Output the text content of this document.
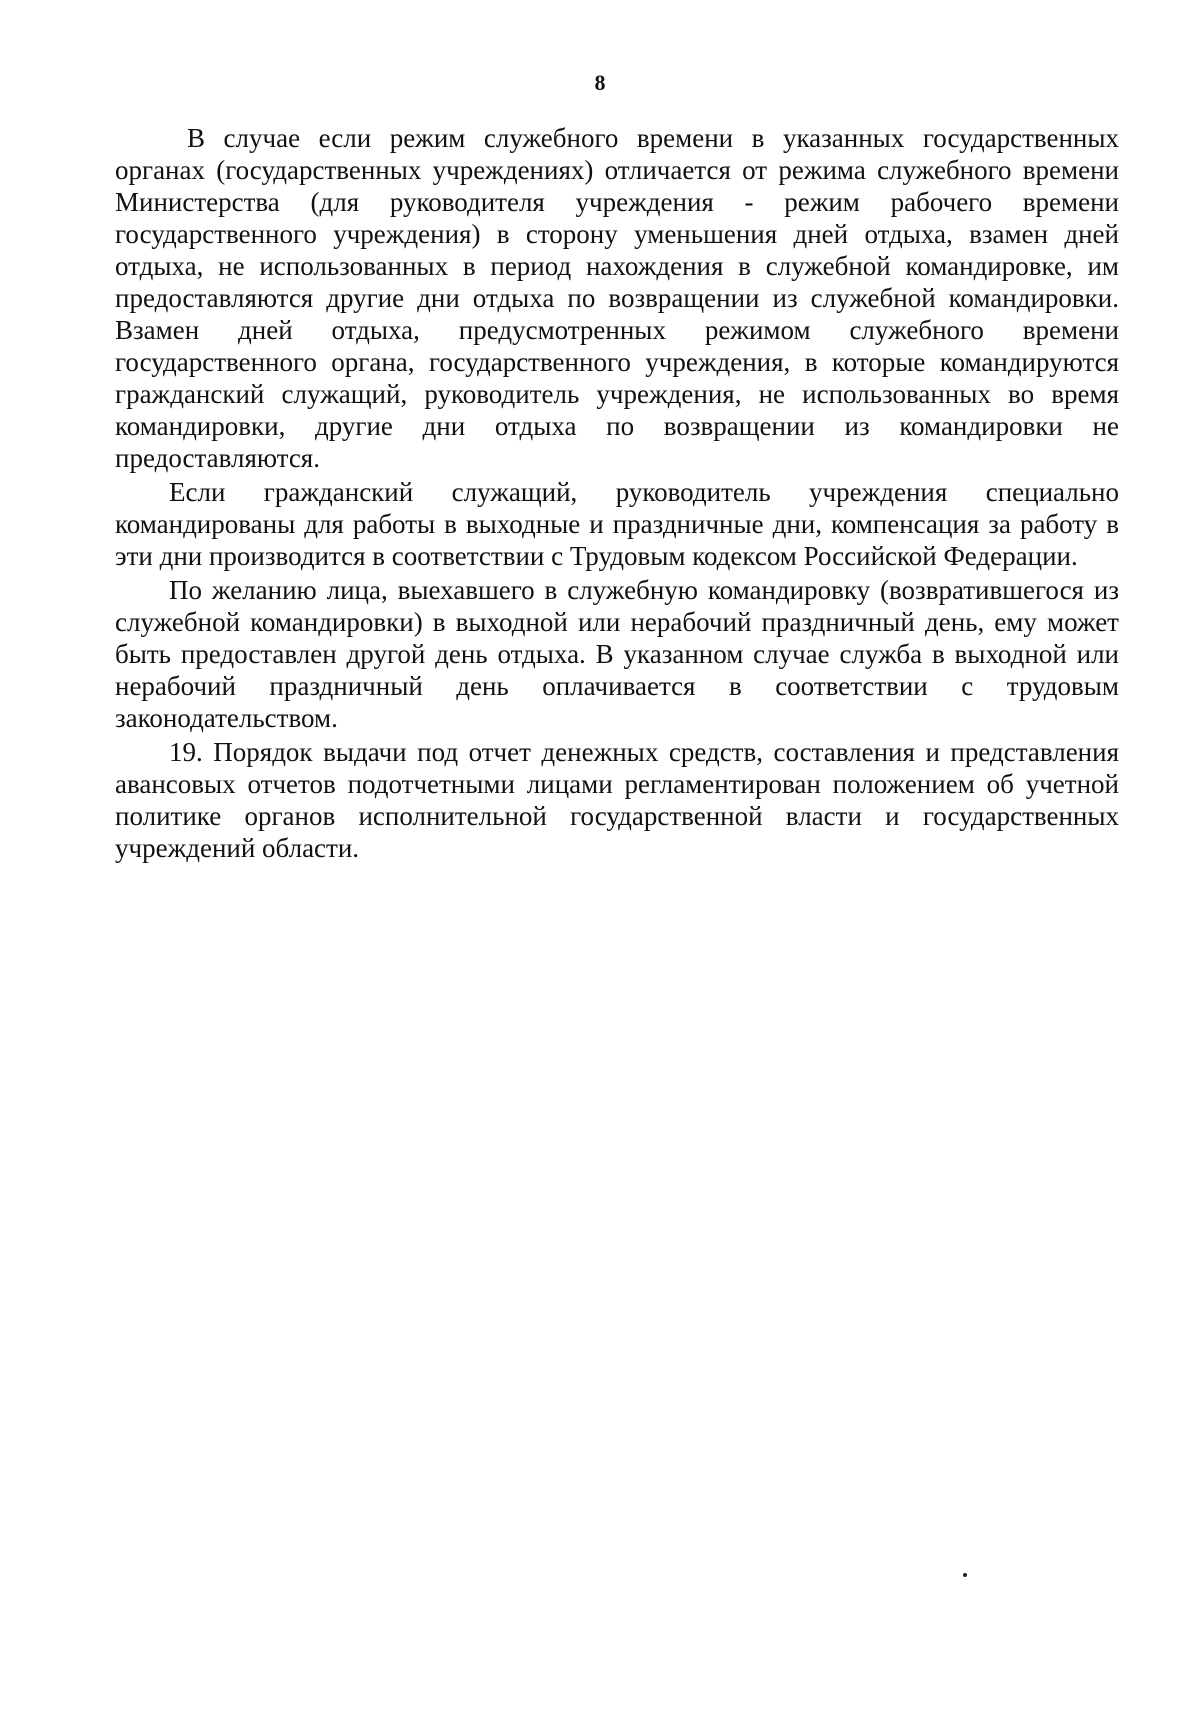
8

В случае если режим служебного времени в указанных государственных органах (государственных учреждениях) отличается от режима служебного времени Министерства (для руководителя учреждения - режим рабочего времени государственного учреждения) в сторону уменьшения дней отдыха, взамен дней отдыха, не использованных в период нахождения в служебной командировке, им предоставляются другие дни отдыха по возвращении из служебной командировки. Взамен дней отдыха, предусмотренных режимом служебного времени государственного органа, государственного учреждения, в которые командируются гражданский служащий, руководитель учреждения, не использованных во время командировки, другие дни отдыха по возвращении из командировки не предоставляются.

Если гражданский служащий, руководитель учреждения специально командированы для работы в выходные и праздничные дни, компенсация за работу в эти дни производится в соответствии с Трудовым кодексом Российской Федерации.

По желанию лица, выехавшего в служебную командировку (возвратившегося из служебной командировки) в выходной или нерабочий праздничный день, ему может быть предоставлен другой день отдыха. В указанном случае служба в выходной или нерабочий праздничный день оплачивается в соответствии с трудовым законодательством.

19. Порядок выдачи под отчет денежных средств, составления и представления авансовых отчетов подотчетными лицами регламентирован положением об учетной политике органов исполнительной государственной власти и государственных учреждений области.
